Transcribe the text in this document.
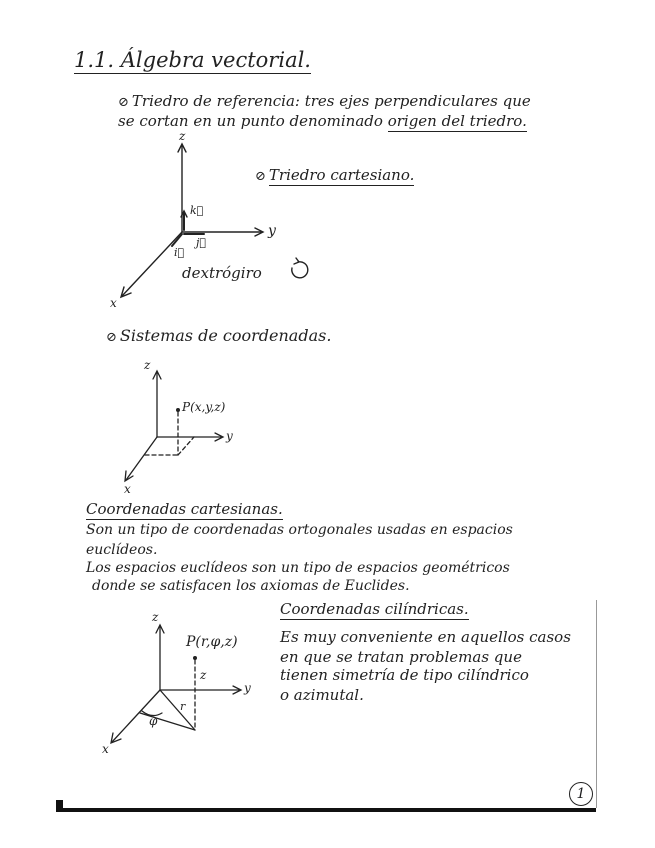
1.1. Álgebra vectorial.
⊘ Triedro de referencia: tres ejes perpendiculares que
se cortan en un punto denominado origen del triedro.
z
y
x
k⃗
j⃗
i⃗
dextrógiro
⊘ Triedro cartesiano.
⊘ Sistemas de coordenadas.
z
y
x
P(x,y,z)
Coordenadas cartesianas.
Son un tipo de coordenadas ortogonales usadas en espacios
euclídeos.
Los espacios euclídeos son un tipo de espacios geométricos
donde se satisfacen los axiomas de Euclides.
z
y
x
P(r,φ,z)
z
r
φ
Coordenadas cilíndricas.
Es muy conveniente en aquellos casos
en que se tratan problemas que
tienen simetría de tipo cilíndrico
o azimutal.
1
